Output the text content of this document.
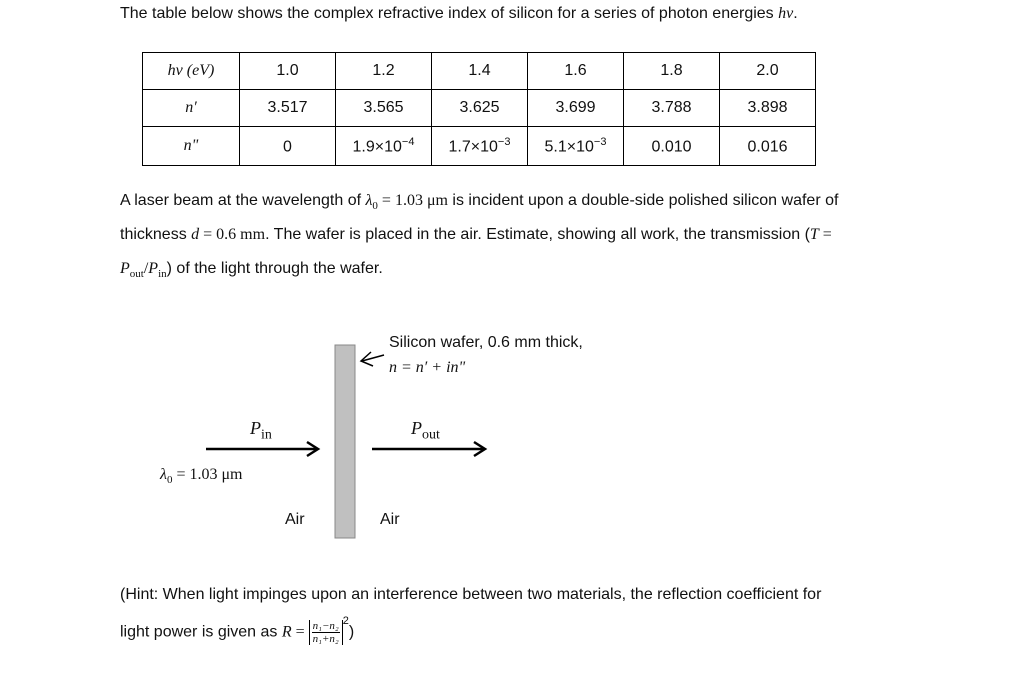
The table below shows the complex refractive index of silicon for a series of photon energies hν.
hν (eV)	1.0	1.2	1.4	1.6	1.8	2.0
n′	3.517	3.565	3.625	3.699	3.788	3.898
n"	0	$1.9\times 10^{-4}$	$1.7\times 10^{-3}$	$5.1\times 10^{-3}$	0.010	0.016
A laser beam at the wavelength of $\lambda_0 = 1.03$ μm is incident upon a double-side polished silicon wafer of
thickness d = 0.6 mm. The wafer is placed in the air. Estimate, showing all work, the transmission (T =
$P_{out}/P_{in}$) of the light through the wafer.
Silicon wafer, 0.6 mm thick,
n = n′ + in"
$P_{in}$	$P_{out}$
$\lambda_0 = 1.03$ μm
Air	Air
(Hint: When light impinges upon an interference between two materials, the reflection coefficient for
light power is given as $R = \frac{\text{n₁−n₂}}{\text{n₁+n₂}} ^2$)
